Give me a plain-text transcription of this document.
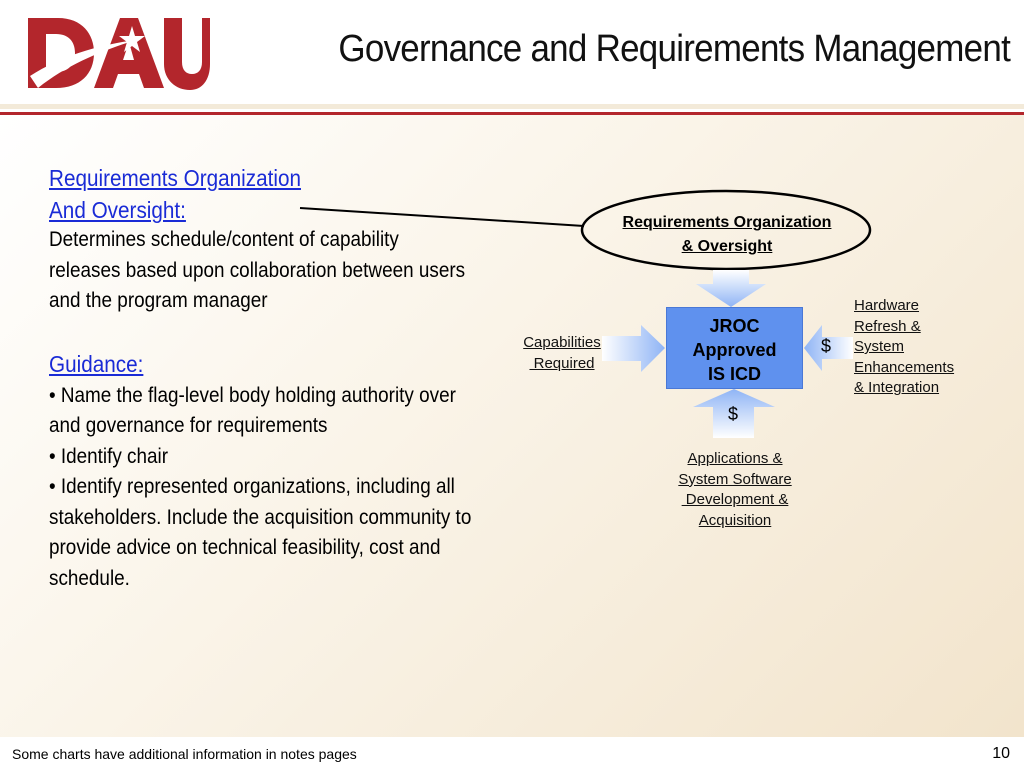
Governance and Requirements Management

Requirements Organization

And Oversight:

Determines schedule/content of capability releases based upon collaboration between users and the program manager

Guidance:

• Name the flag-level body holding authority over and governance for requirements

• Identify chair

• Identify represented organizations, including all stakeholders. Include the acquisition community to provide advice on technical feasibility, cost and schedule.

Requirements Organization
& Oversight
JROC
Approved
IS ICD
Capabilities
Required
Hardware
Refresh &
System
Enhancements
& Integration
Applications &
System Software
Development &
Acquisition
$
$
Some charts have additional information in notes pages	10
